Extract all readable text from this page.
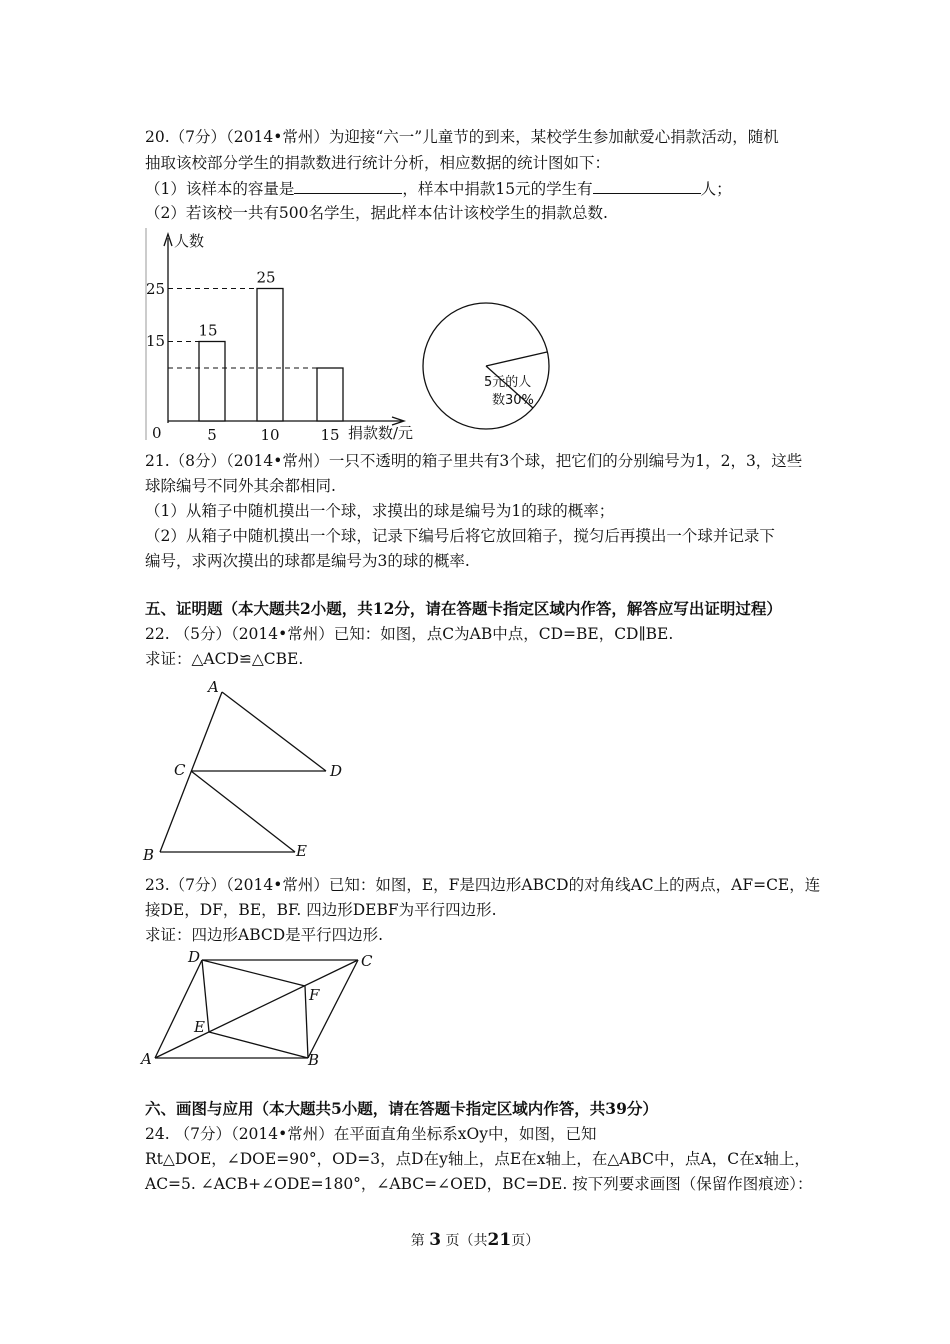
20.（7分）（2014•常州）为迎接“六一”儿童节的到来，某校学生参加献爱心捐款活动，随机
抽取该校部分学生的捐款数进行统计分析，相应数据的统计图如下：
（1）该样本的容量是	，样本中捐款15元的学生有	人；
（2）若该校一共有500名学生，据此样本估计该校学生的捐款总数.
人数
捐款数/元
0
15
25
15
25
5	10	15
5元的人
数30%
21.（8分）（2014•常州）一只不透明的箱子里共有3个球，把它们的分别编号为1，2，3，这些
球除编号不同外其余都相同.
（1）从箱子中随机摸出一个球，求摸出的球是编号为1的球的概率；
（2）从箱子中随机摸出一个球，记录下编号后将它放回箱子，搅匀后再摸出一个球并记录下
编号，求两次摸出的球都是编号为3的球的概率.
五、证明题（本大题共2小题，共12分，请在答题卡指定区域内作答，解答应写出证明过程）
22. （5分）（2014•常州）已知：如图，点C为AB中点，CD=BE，CD∥BE.
求证：△ACD≌△CBE.
A
C	D
B	E
23.（7分）（2014•常州）已知：如图，E，F是四边形ABCD的对角线AC上的两点，AF=CE，连
接DE，DF，BE，BF. 四边形DEBF为平行四边形.
求证：四边形ABCD是平行四边形.
D	C
F
E
A	B
六、画图与应用（本大题共5小题，请在答题卡指定区域内作答，共39分）
24. （7分）（2014•常州）在平面直角坐标系xOy中，如图，已知
Rt△DOE，∠DOE=90°，OD=3，点D在y轴上，点E在x轴上，在△ABC中，点A，C在x轴上，
AC=5. ∠ACB+∠ODE=180°，∠ABC=∠OED，BC=DE. 按下列要求画图（保留作图痕迹）：
第 3 页（共21页）
